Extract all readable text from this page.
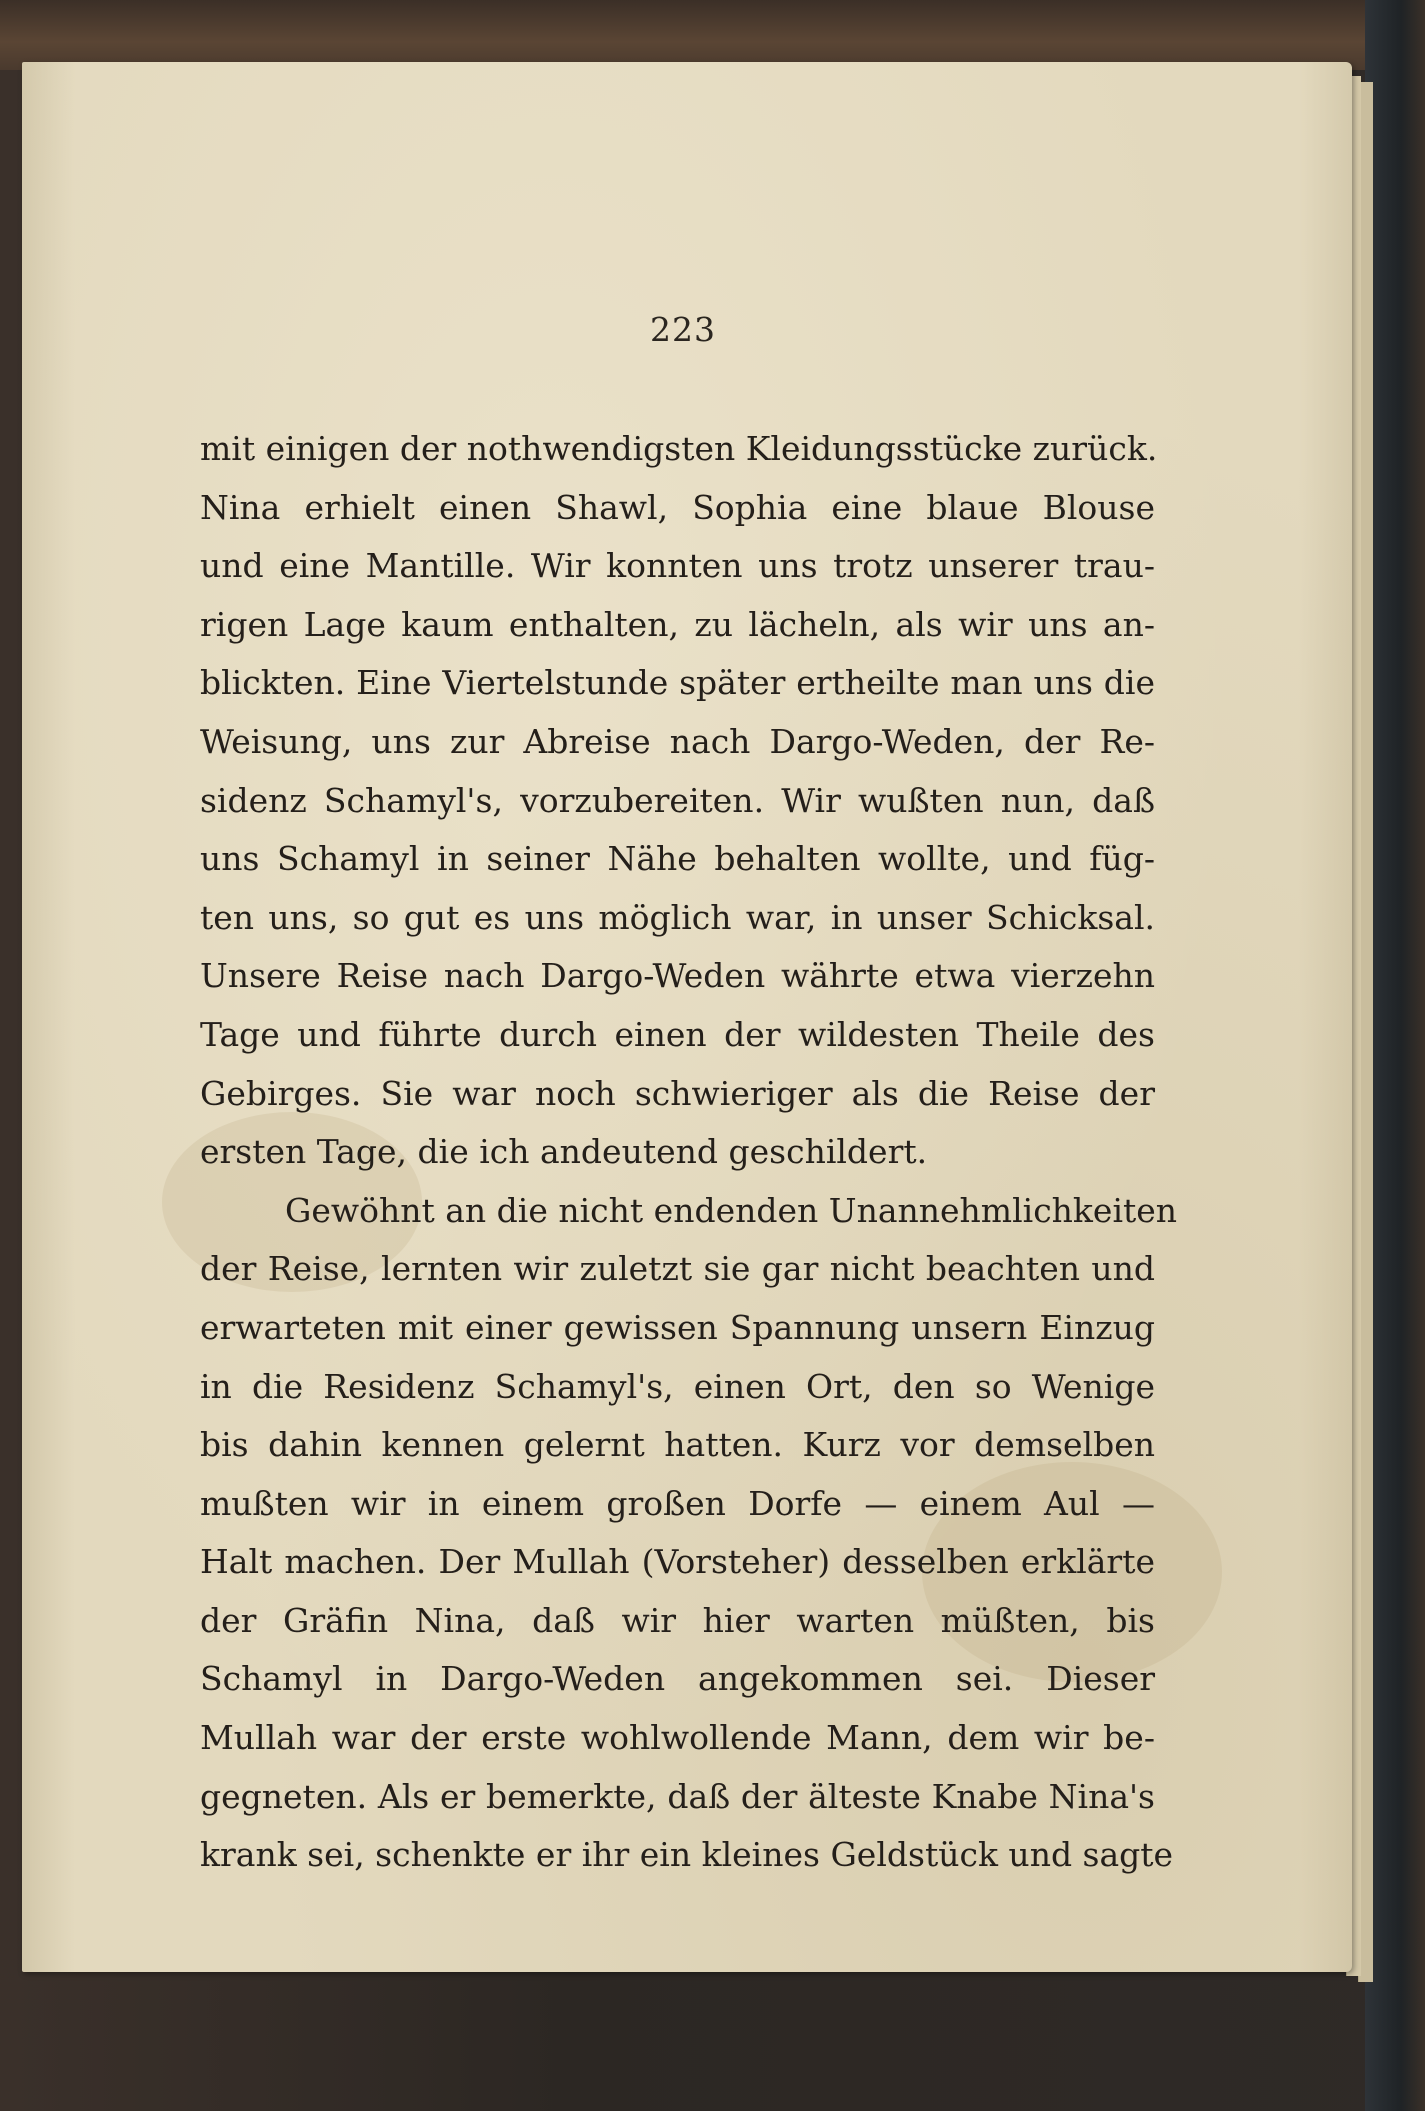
223
mit einigen der nothwendigsten Kleidungsstücke zurück.
Nina erhielt einen Shawl, Sophia eine blaue Blouse
und eine Mantille. Wir konnten uns trotz unserer trau-
rigen Lage kaum enthalten, zu lächeln, als wir uns an-
blickten. Eine Viertelstunde später ertheilte man uns die
Weisung, uns zur Abreise nach Dargo-Weden, der Re-
sidenz Schamyl's, vorzubereiten. Wir wußten nun, daß
uns Schamyl in seiner Nähe behalten wollte, und füg-
ten uns, so gut es uns möglich war, in unser Schicksal.
Unsere Reise nach Dargo-Weden währte etwa vierzehn
Tage und führte durch einen der wildesten Theile des
Gebirges. Sie war noch schwieriger als die Reise der
ersten Tage, die ich andeutend geschildert.
Gewöhnt an die nicht endenden Unannehmlichkeiten
der Reise, lernten wir zuletzt sie gar nicht beachten und
erwarteten mit einer gewissen Spannung unsern Einzug
in die Residenz Schamyl's, einen Ort, den so Wenige
bis dahin kennen gelernt hatten. Kurz vor demselben
mußten wir in einem großen Dorfe — einem Aul —
Halt machen. Der Mullah (Vorsteher) desselben erklärte
der Gräfin Nina, daß wir hier warten müßten, bis
Schamyl in Dargo-Weden angekommen sei. Dieser
Mullah war der erste wohlwollende Mann, dem wir be-
gegneten. Als er bemerkte, daß der älteste Knabe Nina's
krank sei, schenkte er ihr ein kleines Geldstück und sagte
